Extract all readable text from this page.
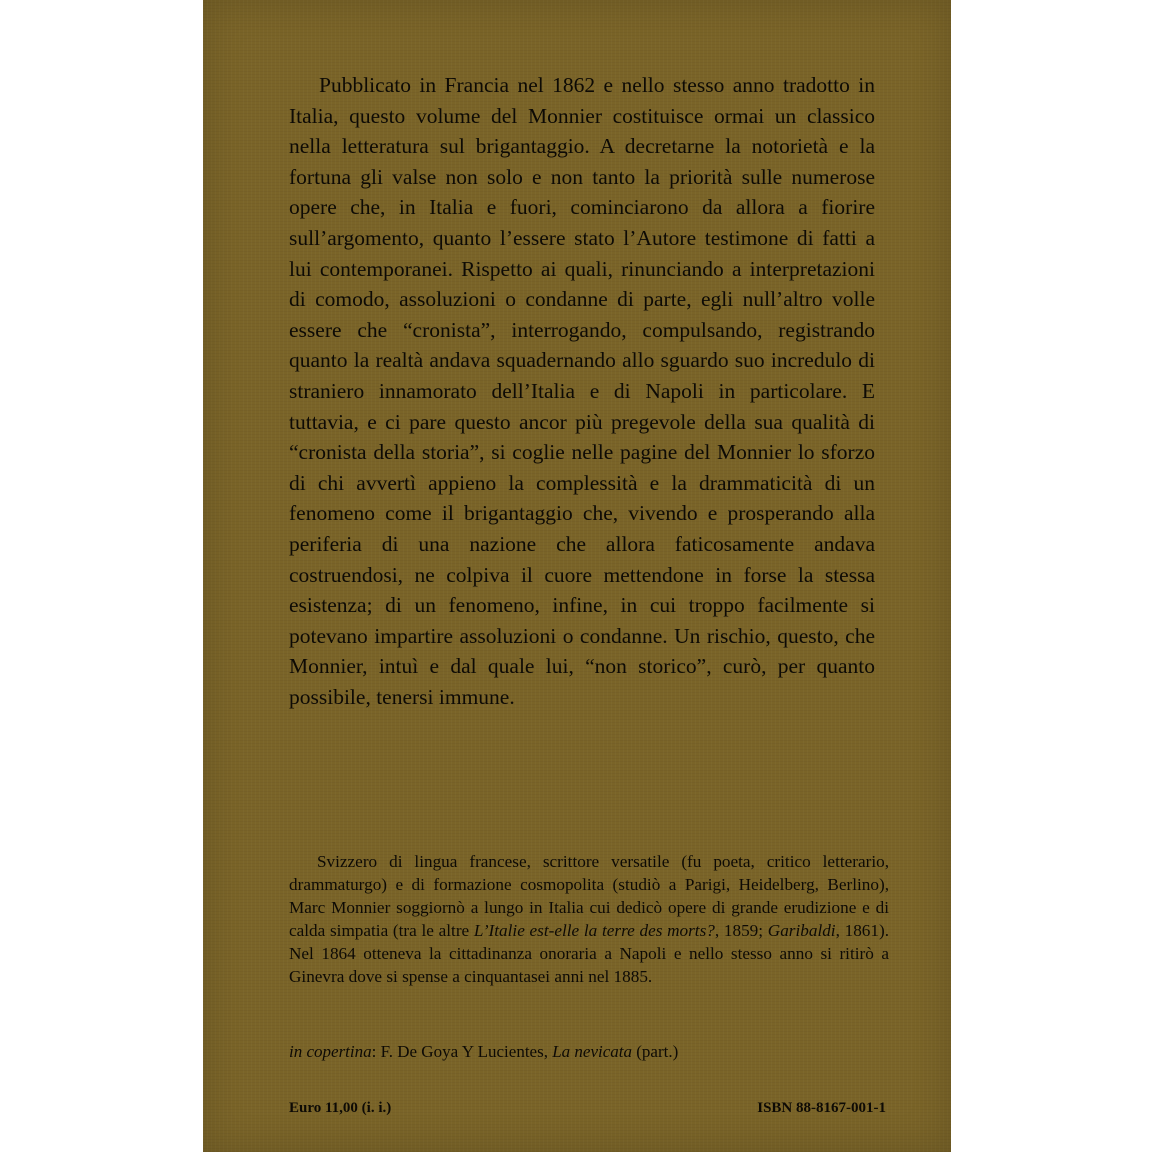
Pubblicato in Francia nel 1862 e nello stesso anno tradotto in Italia, questo volume del Monnier costituisce ormai un classico nella letteratura sul brigantaggio. A decretarne la notorietà e la fortuna gli valse non solo e non tanto la priorità sulle numerose opere che, in Italia e fuori, cominciarono da allora a fiorire sull’argomento, quanto l’essere stato l’Autore testimone di fatti a lui contemporanei. Rispetto ai quali, rinunciando a interpretazioni di comodo, assoluzioni o condanne di parte, egli null’altro volle essere che “cronista”, interrogando, compulsando, registrando quanto la realtà andava squadernando allo sguardo suo incredulo di straniero innamorato dell’Italia e di Napoli in particolare. E tuttavia, e ci pare questo ancor più pregevole della sua qualità di “cronista della storia”, si coglie nelle pagine del Monnier lo sforzo di chi avvertì appieno la complessità e la drammaticità di un fenomeno come il brigantaggio che, vivendo e prosperando alla periferia di una nazione che allora faticosamente andava costruendosi, ne colpiva il cuore mettendone in forse la stessa esistenza; di un fenomeno, infine, in cui troppo facilmente si potevano impartire assoluzioni o condanne. Un rischio, questo, che Monnier, intuì e dal quale lui, “non storico”, curò, per quanto possibile, tenersi immune.

Svizzero di lingua francese, scrittore versatile (fu poeta, critico letterario, drammaturgo) e di formazione cosmopolita (studiò a Parigi, Heidelberg, Berlino), Marc Monnier soggiornò a lungo in Italia cui dedicò opere di grande erudizione e di calda simpatia (tra le altre L’Italie est-elle la terre des morts?, 1859; Garibaldi, 1861). Nel 1864 otteneva la cittadinanza onoraria a Napoli e nello stesso anno si ritirò a Ginevra dove si spense a cinquantasei anni nel 1885.

in copertina: F. De Goya Y Lucientes, La nevicata (part.)

Euro 11,00 (i. i.)	ISBN 88-8167-001-1
